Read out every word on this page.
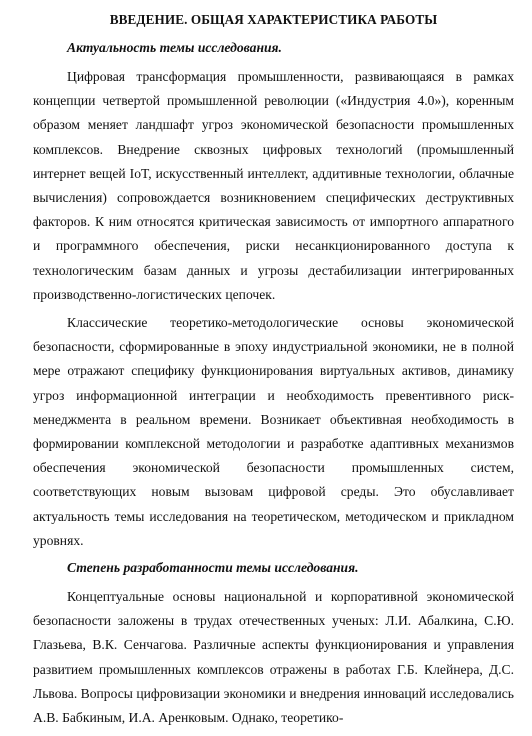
ВВЕДЕНИЕ. ОБЩАЯ ХАРАКТЕРИСТИКА РАБОТЫ
Актуальность темы исследования.

Цифровая трансформация промышленности, развивающаяся в рамках концепции четвертой промышленной революции («Индустрия 4.0»), коренным образом меняет ландшафт угроз экономической безопасности промышленных комплексов. Внедрение сквозных цифровых технологий (промышленный интернет вещей IoT, искусственный интеллект, аддитивные технологии, облачные вычисления) сопровождается возникновением специфических деструктивных факторов. К ним относятся критическая зависимость от импортного аппаратного и программного обеспечения, риски несанкционированного доступа к технологическим базам данных и угрозы дестабилизации интегрированных производственно-логистических цепочек.

Классические теоретико-методологические основы экономической безопасности, сформированные в эпоху индустриальной экономики, не в полной мере отражают специфику функционирования виртуальных активов, динамику угроз информационной интеграции и необходимость превентивного риск-менеджмента в реальном времени. Возникает объективная необходимость в формировании комплексной методологии и разработке адаптивных механизмов обеспечения экономической безопасности промышленных систем, соответствующих новым вызовам цифровой среды. Это обуславливает актуальность темы исследования на теоретическом, методическом и прикладном уровнях.

Степень разработанности темы исследования.

Концептуальные основы национальной и корпоративной экономической безопасности заложены в трудах отечественных ученых: Л.И. Абалкина, С.Ю. Глазьева, В.К. Сенчагова. Различные аспекты функционирования и управления развитием промышленных комплексов отражены в работах Г.Б. Клейнера, Д.С. Львова. Вопросы цифровизации экономики и внедрения инноваций исследовались А.В. Бабкиным, И.А. Аренковым. Однако, теоретико-
